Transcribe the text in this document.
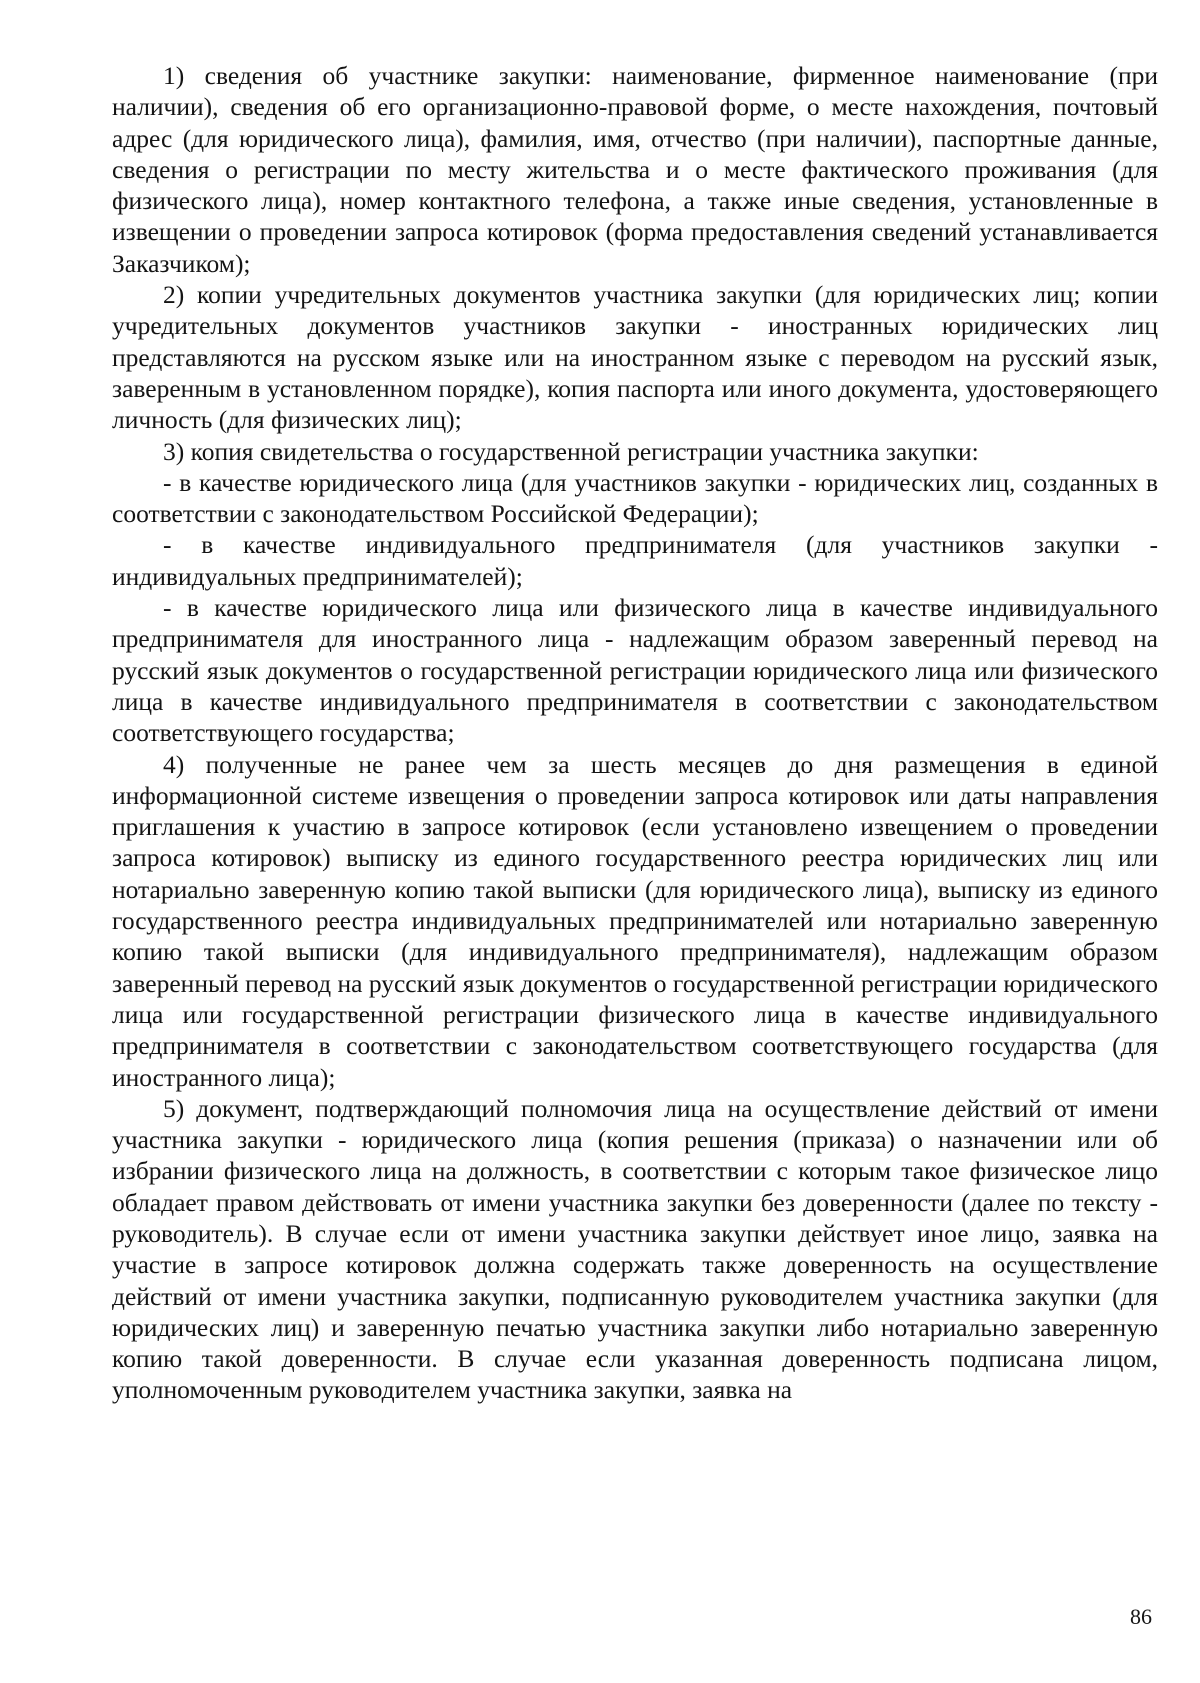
1) сведения об участнике закупки: наименование, фирменное наименование (при наличии), сведения об его организационно-правовой форме, о месте нахождения, почтовый адрес (для юридического лица), фамилия, имя, отчество (при наличии), паспортные данные, сведения о регистрации по месту жительства и о месте фактического проживания (для физического лица), номер контактного телефона, а также иные сведения, установленные в извещении о проведении запроса котировок (форма предоставления сведений устанавливается Заказчиком);

2) копии учредительных документов участника закупки (для юридических лиц; копии учредительных документов участников закупки - иностранных юридических лиц представляются на русском языке или на иностранном языке с переводом на русский язык, заверенным в установленном порядке), копия паспорта или иного документа, удостоверяющего личность (для физических лиц);

3) копия свидетельства о государственной регистрации участника закупки:

- в качестве юридического лица (для участников закупки - юридических лиц, созданных в соответствии с законодательством Российской Федерации);

- в качестве индивидуального предпринимателя (для участников закупки - индивидуальных предпринимателей);

- в качестве юридического лица или физического лица в качестве индивидуального предпринимателя для иностранного лица - надлежащим образом заверенный перевод на русский язык документов о государственной регистрации юридического лица или физического лица в качестве индивидуального предпринимателя в соответствии с законодательством соответствующего государства;

4) полученные не ранее чем за шесть месяцев до дня размещения в единой информационной системе извещения о проведении запроса котировок или даты направления приглашения к участию в запросе котировок (если установлено извещением о проведении запроса котировок) выписку из единого государственного реестра юридических лиц или нотариально заверенную копию такой выписки (для юридического лица), выписку из единого государственного реестра индивидуальных предпринимателей или нотариально заверенную копию такой выписки (для индивидуального предпринимателя), надлежащим образом заверенный перевод на русский язык документов о государственной регистрации юридического лица или государственной регистрации физического лица в качестве индивидуального предпринимателя в соответствии с законодательством соответствующего государства (для иностранного лица);

5) документ, подтверждающий полномочия лица на осуществление действий от имени участника закупки - юридического лица (копия решения (приказа) о назначении или об избрании физического лица на должность, в соответствии с которым такое физическое лицо обладает правом действовать от имени участника закупки без доверенности (далее по тексту - руководитель). В случае если от имени участника закупки действует иное лицо, заявка на участие в запросе котировок должна содержать также доверенность на осуществление действий от имени участника закупки, подписанную руководителем участника закупки (для юридических лиц) и заверенную печатью участника закупки либо нотариально заверенную копию такой доверенности. В случае если указанная доверенность подписана лицом, уполномоченным руководителем участника закупки, заявка на

86
